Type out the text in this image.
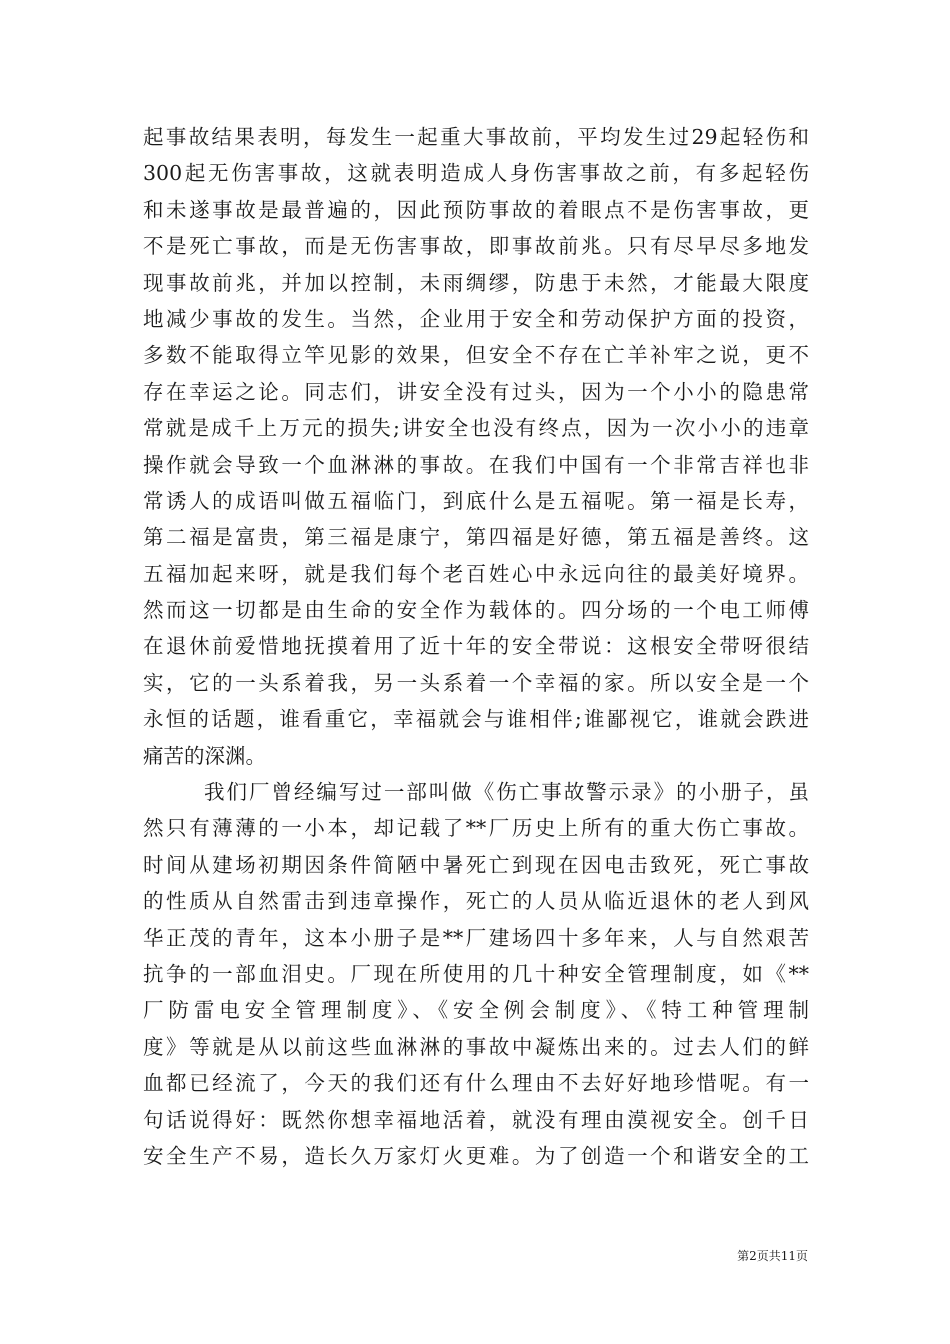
起事故结果表明，每发生一起重大事故前，平均发生过29起轻伤和
300起无伤害事故，这就表明造成人身伤害事故之前，有多起轻伤
和未遂事故是最普遍的，因此预防事故的着眼点不是伤害事故，更
不是死亡事故，而是无伤害事故，即事故前兆。只有尽早尽多地发
现事故前兆，并加以控制，未雨绸缪，防患于未然，才能最大限度
地减少事故的发生。当然，企业用于安全和劳动保护方面的投资，
多数不能取得立竿见影的效果，但安全不存在亡羊补牢之说，更不
存在幸运之论。同志们，讲安全没有过头，因为一个小小的隐患常
常就是成千上万元的损失;讲安全也没有终点，因为一次小小的违章
操作就会导致一个血淋淋的事故。在我们中国有一个非常吉祥也非
常诱人的成语叫做五福临门，到底什么是五福呢。第一福是长寿，
第二福是富贵，第三福是康宁，第四福是好德，第五福是善终。这
五福加起来呀，就是我们每个老百姓心中永远向往的最美好境界。
然而这一切都是由生命的安全作为载体的。四分场的一个电工师傅
在退休前爱惜地抚摸着用了近十年的安全带说：这根安全带呀很结
实，它的一头系着我，另一头系着一个幸福的家。所以安全是一个
永恒的话题，谁看重它，幸福就会与谁相伴;谁鄙视它，谁就会跌进
痛苦的深渊。
我们厂曾经编写过一部叫做《伤亡事故警示录》的小册子，虽
然只有薄薄的一小本，却记载了**厂历史上所有的重大伤亡事故。
时间从建场初期因条件简陋中暑死亡到现在因电击致死，死亡事故
的性质从自然雷击到违章操作，死亡的人员从临近退休的老人到风
华正茂的青年，这本小册子是**厂建场四十多年来，人与自然艰苦
抗争的一部血泪史。厂现在所使用的几十种安全管理制度，如《**
厂防雷电安全管理制度》、《安全例会制度》、《特工种管理制
度》等就是从以前这些血淋淋的事故中凝炼出来的。过去人们的鲜
血都已经流了，今天的我们还有什么理由不去好好地珍惜呢。有一
句话说得好：既然你想幸福地活着，就没有理由漠视安全。创千日
安全生产不易，造长久万家灯火更难。为了创造一个和谐安全的工
第2页共11页
